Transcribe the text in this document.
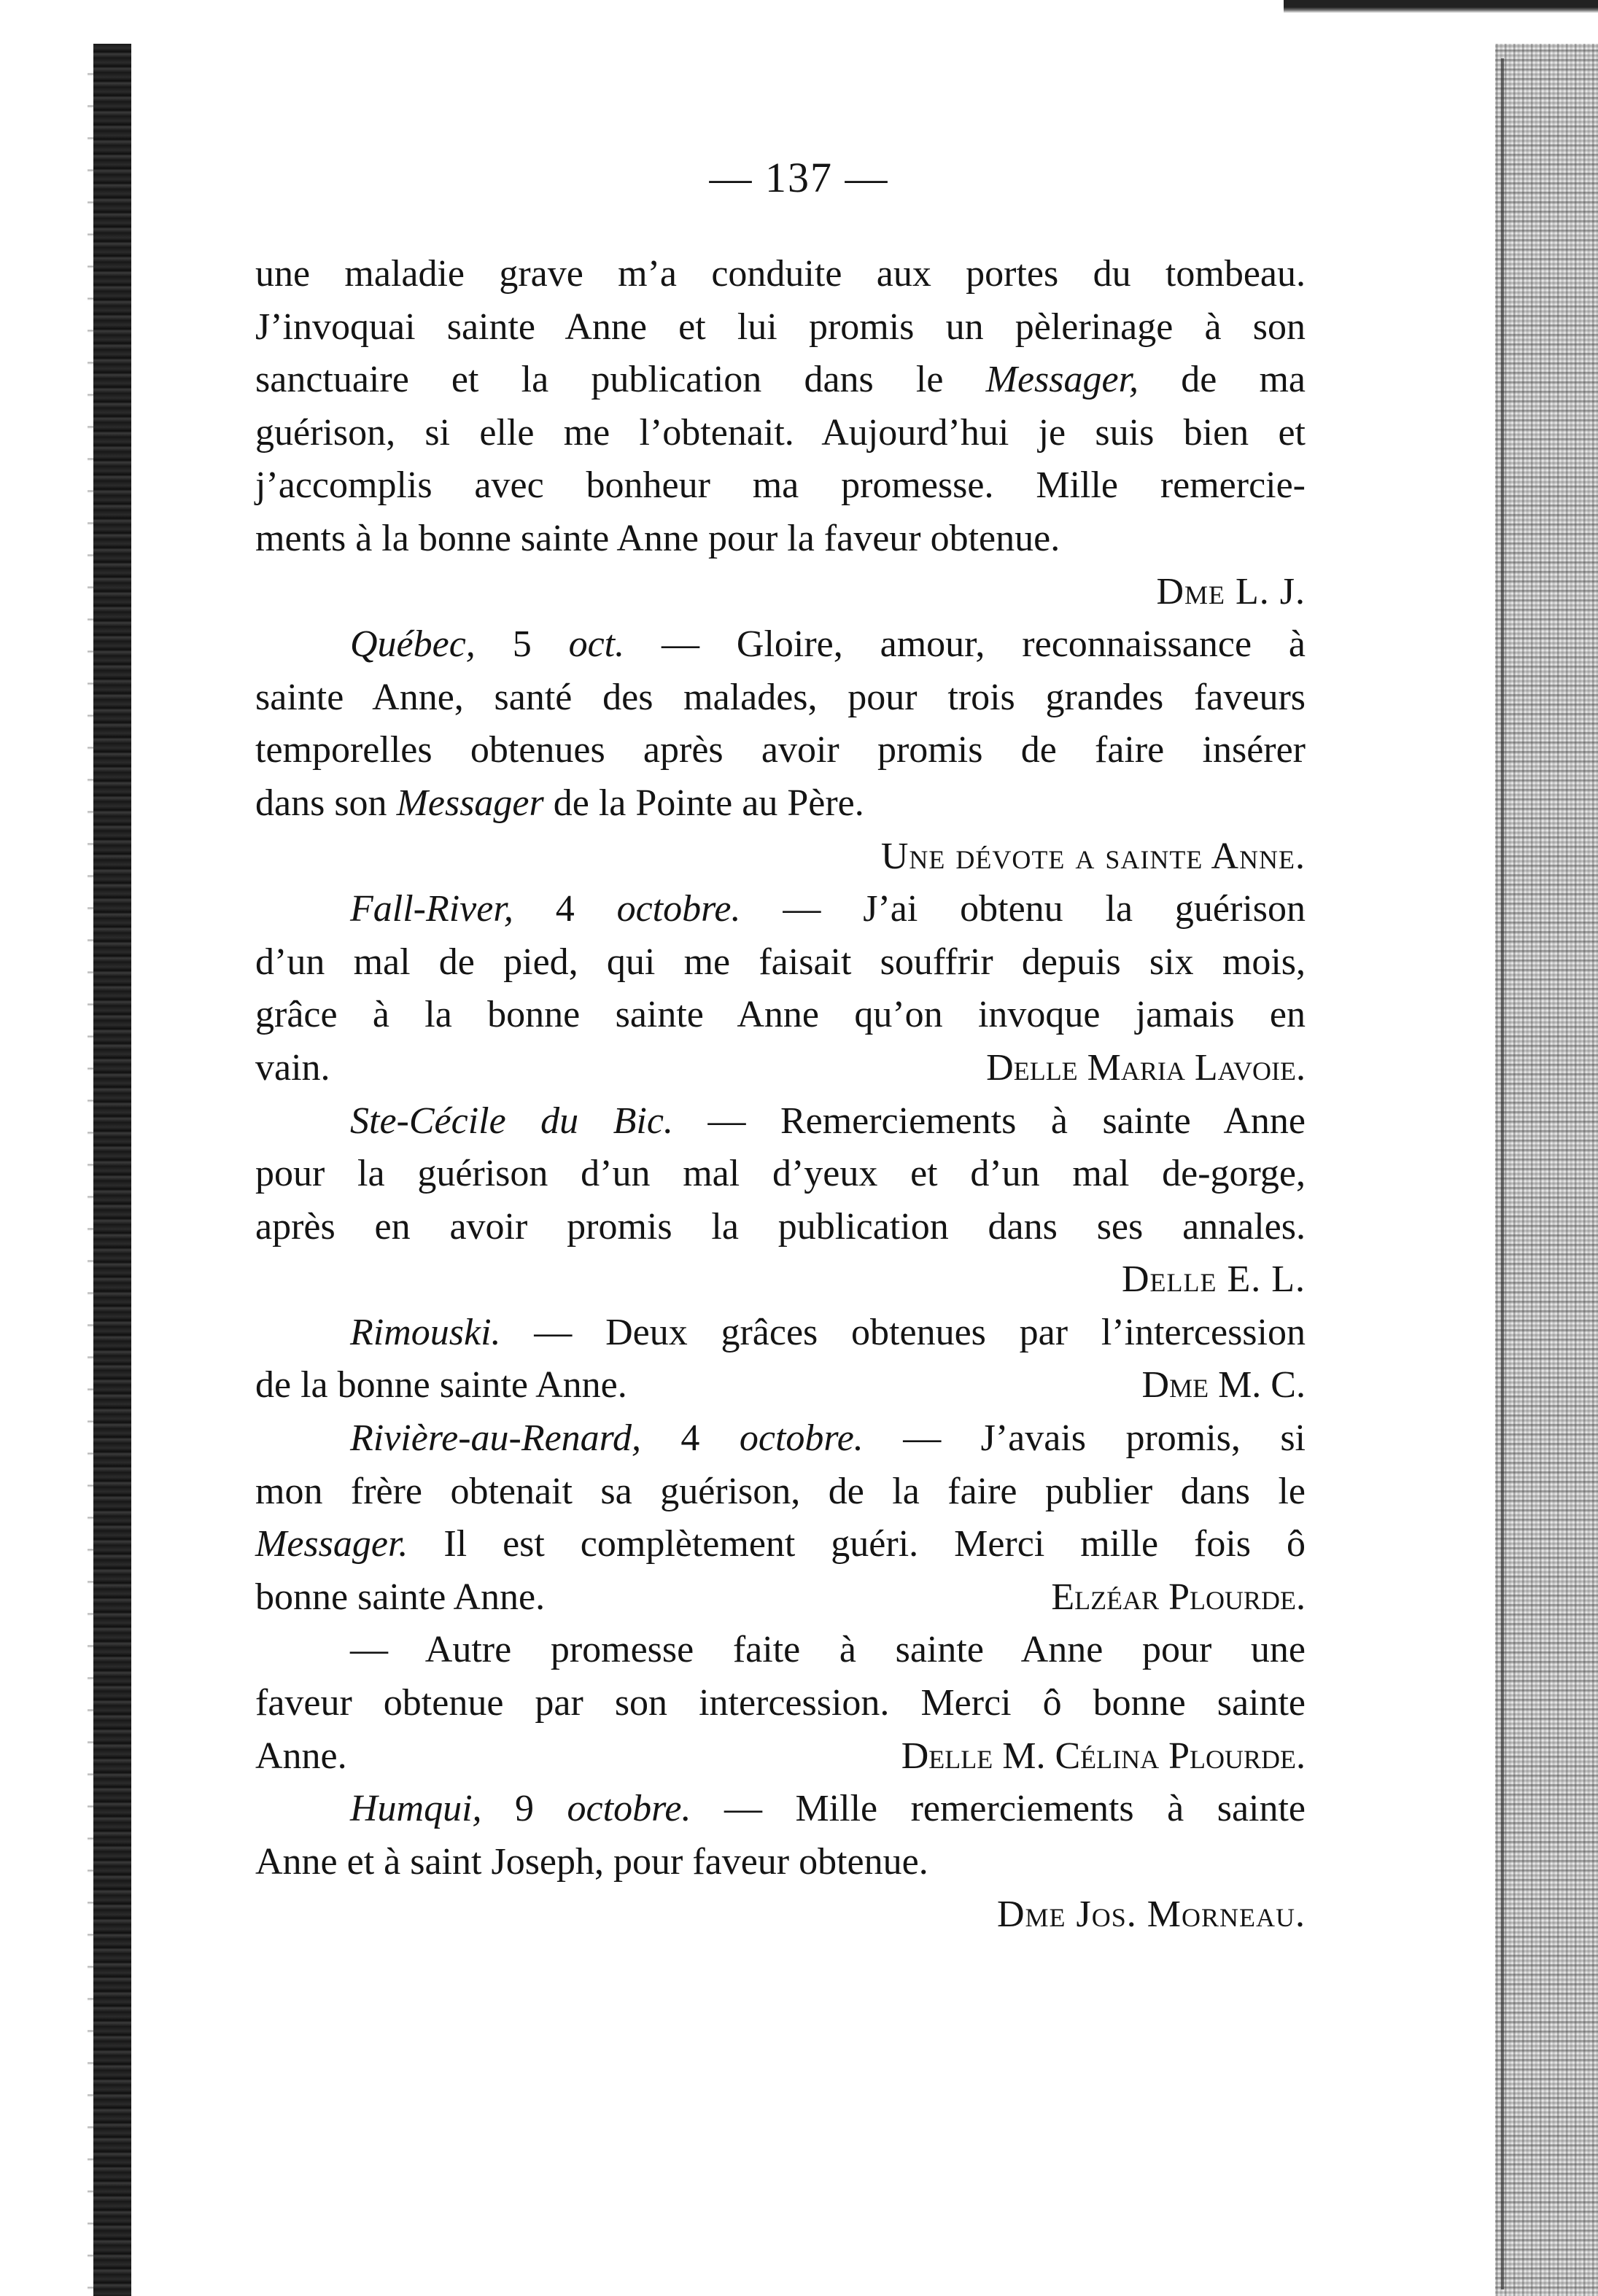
— 137 —
une maladie grave m’a conduite aux portes du tombeau.
J’invoquai sainte Anne et lui promis un pèlerinage à son
sanctuaire et la publication dans le Messager, de ma
guérison, si elle me l’obtenait. Aujourd’hui je suis bien et
j’accomplis avec bonheur ma promesse. Mille remercie-
ments à la bonne sainte Anne pour la faveur obtenue.
Dme L. J.
Québec, 5 oct. — Gloire, amour, reconnaissance à
sainte Anne, santé des malades, pour trois grandes faveurs
temporelles obtenues après avoir promis de faire insérer
dans son Messager de la Pointe au Père.
Une dévote a sainte Anne.
Fall-River, 4 octobre. — J’ai obtenu la guérison
d’un mal de pied, qui me faisait souffrir depuis six mois,
grâce à la bonne sainte Anne qu’on invoque jamais en
vain.	Delle Maria Lavoie.
Ste-Cécile du Bic. — Remerciements à sainte Anne
pour la guérison d’un mal d’yeux et d’un mal de-gorge,
après en avoir promis la publication dans ses annales.
Delle E. L.
Rimouski. — Deux grâces obtenues par l’intercession
de la bonne sainte Anne.	Dme M. C.
Rivière-au-Renard, 4 octobre. — J’avais promis, si
mon frère obtenait sa guérison, de la faire publier dans le
Messager. Il est complètement guéri. Merci mille fois ô
bonne sainte Anne.	Elzéar Plourde.
— Autre promesse faite à sainte Anne pour une
faveur obtenue par son intercession. Merci ô bonne sainte
Anne.	Delle M. Célina Plourde.
Humqui, 9 octobre. — Mille remerciements à sainte
Anne et à saint Joseph, pour faveur obtenue.
Dme Jos. Morneau.
